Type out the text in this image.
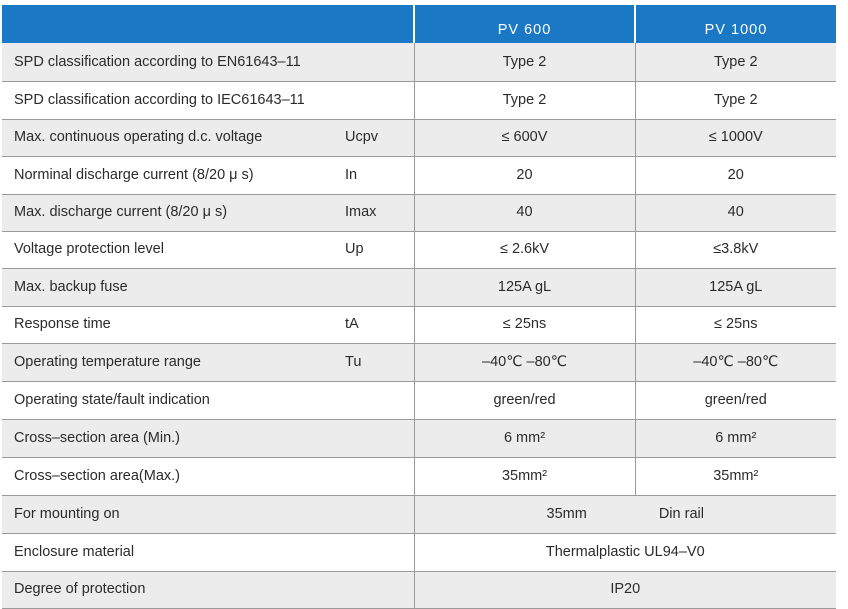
		PV 600	PV 1000
SPD classification according to EN61643–11		Type 2	Type 2
SPD classification according to IEC61643–11		Type 2	Type 2
Max. continuous operating d.c. voltage	Ucpv	≤ 600V	≤ 1000V
Norminal discharge current (8/20 μ s)	In	20	20
Max. discharge current (8/20 μ s)	Imax	40	40
Voltage protection level	Up	≤ 2.6kV	≤3.8kV
Max. backup fuse		125A gL	125A gL
Response time	tA	≤ 25ns	≤ 25ns
Operating temperature range	Tu	–40℃ –80℃	–40℃ –80℃
Operating state/fault indication		green/red	green/red
Cross–section area (Min.)		6 mm²	6 mm²
Cross–section area(Max.)		35mm²	35mm²
For mounting on		35mm Din rail	
Enclosure material		Thermalplastic UL94–V0	
Degree of protection		IP20	
